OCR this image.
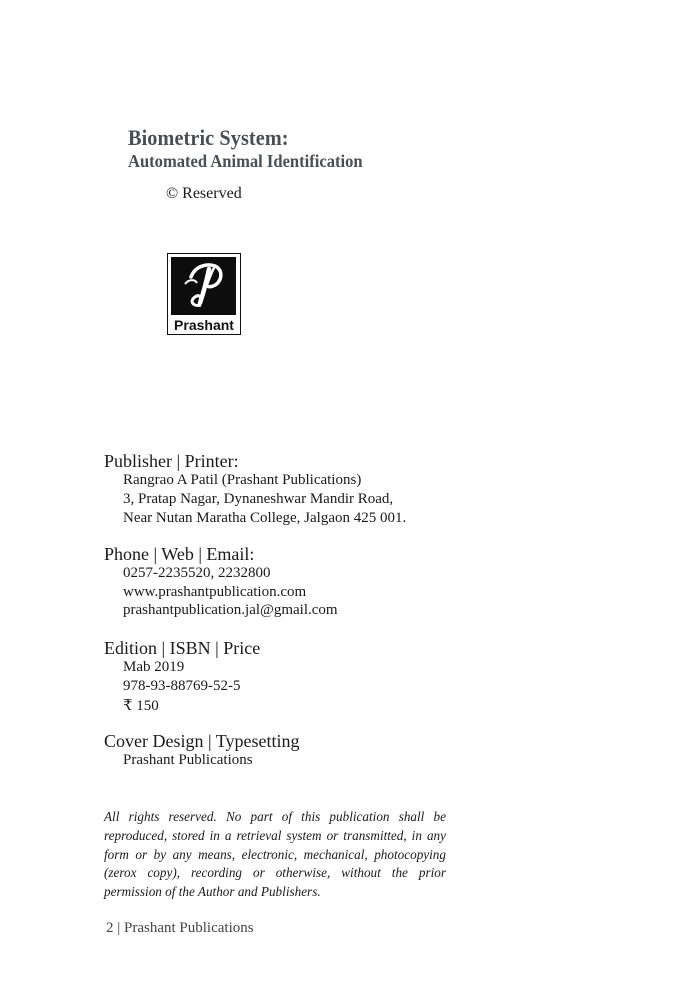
Biometric System:
Automated Animal Identification
© Reserved
Prashant
Publisher | Printer:
Rangrao A Patil (Prashant Publications)
3, Pratap Nagar, Dynaneshwar Mandir Road,
Near Nutan Maratha College, Jalgaon 425 001.
Phone | Web | Email:
0257-2235520, 2232800
www.prashantpublication.com
prashantpublication.jal@gmail.com
Edition | ISBN | Price
Mab 2019
978-93-88769-52-5
₹ 150
Cover Design | Typesetting
Prashant Publications
All rights reserved. No part of this publication shall be reproduced, stored in a retrieval system or transmitted, in any form or by any means, electronic, mechanical, photocopying (zerox copy), recording or otherwise, without the prior permission of the Author and Publishers.
2 | Prashant Publications
